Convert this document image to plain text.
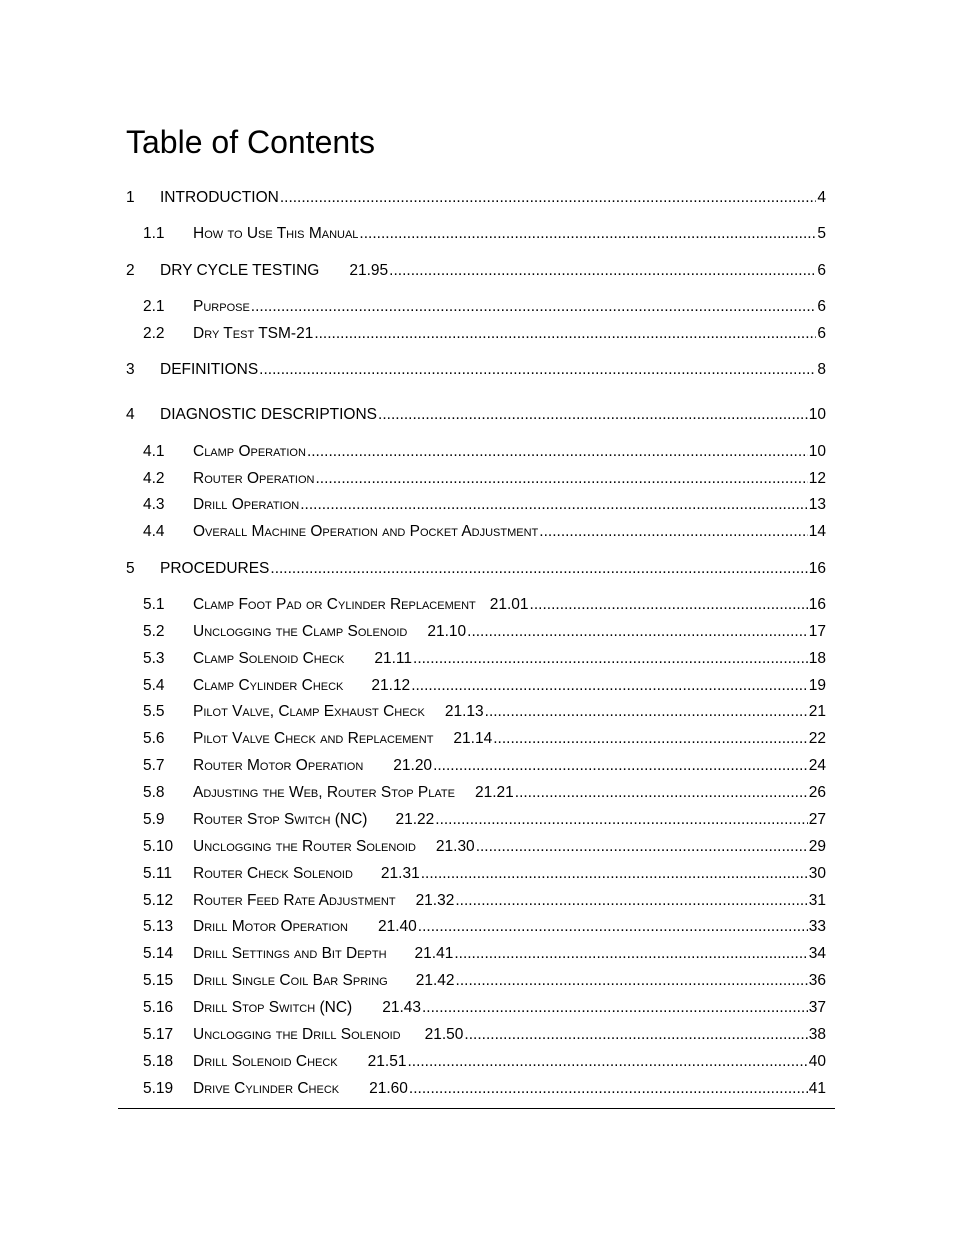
Table of Contents
1	INTRODUCTION .....	4
1.1	How to Use This Manual .....	5
2	DRY CYCLE TESTING 21.95 .....	6
2.1	Purpose .....	6
2.2	Dry Test TSM-21 .....	6
3	DEFINITIONS .....	8
4	DIAGNOSTIC DESCRIPTIONS .....	10
4.1	Clamp Operation .....	10
4.2	Router Operation .....	12
4.3	Drill Operation .....	13
4.4	Overall Machine Operation and Pocket Adjustment .....	14
5	PROCEDURES .....	16
5.1	Clamp Foot Pad or Cylinder Replacement 21.01 .....	16
5.2	Unclogging the Clamp Solenoid 21.10 .....	17
5.3	Clamp Solenoid Check 21.11 .....	18
5.4	Clamp Cylinder Check 21.12 .....	19
5.5	Pilot Valve, Clamp Exhaust Check 21.13 .....	21
5.6	Pilot Valve Check and Replacement 21.14 .....	22
5.7	Router Motor Operation 21.20 .....	24
5.8	Adjusting the Web, Router Stop Plate 21.21 .....	26
5.9	Router Stop Switch (NC) 21.22 .....	27
5.10	Unclogging the Router Solenoid 21.30 .....	29
5.11	Router Check Solenoid 21.31 .....	30
5.12	Router Feed Rate Adjustment 21.32 .....	31
5.13	Drill Motor Operation 21.40 .....	33
5.14	Drill Settings and Bit Depth 21.41 .....	34
5.15	Drill Single Coil Bar Spring 21.42 .....	36
5.16	Drill Stop Switch (NC) 21.43 .....	37
5.17	Unclogging the Drill Solenoid 21.50 .....	38
5.18	Drill Solenoid Check 21.51 .....	40
5.19	Drive Cylinder Check 21.60 .....	41
